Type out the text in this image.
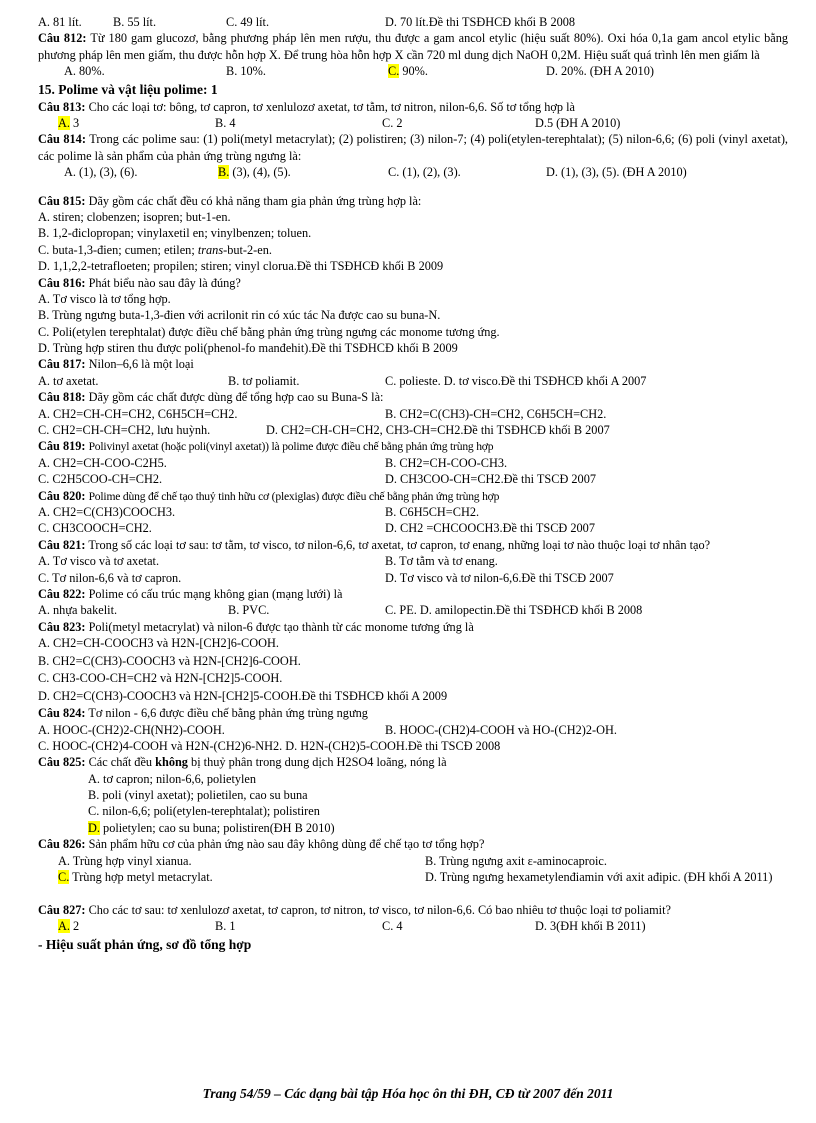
A. 81 lít.	B. 55 lít.	C. 49 lít.	D. 70 lít.Đề thi TSĐHCĐ khối B 2008
Câu 812: Từ 180 gam glucozơ, bằng phương pháp lên men rượu, thu được a gam ancol etylic (hiệu suất 80%). Oxi hóa 0,1a gam ancol etylic bằng phương pháp lên men giấm, thu được hỗn hợp X. Để trung hòa hỗn hợp X cần 720 ml dung dịch NaOH 0,2M. Hiệu suất quá trình lên men giấm là
A. 80%.	B. 10%.	C. 90%.	D. 20%. (ĐH A 2010)
15. Polime và vật liệu polime: 1
Câu 813: Cho các loại tơ: bông, tơ capron, tơ xenlulozơ axetat, tơ tằm, tơ nitron, nilon-6,6. Số tơ tổng hợp là
A. 3	B. 4	C. 2	D.5 (ĐH A 2010)
Câu 814: Trong các polime sau: (1) poli(metyl metacrylat); (2) polistiren; (3) nilon-7; (4) poli(etylen-terephtalat); (5) nilon-6,6; (6) poli (vinyl axetat), các polime là sản phẩm của phản ứng trùng ngưng là:
A. (1), (3), (6).	B. (3), (4), (5).	C. (1), (2), (3).	D. (1), (3), (5). (ĐH A 2010)
Câu 815: Dãy gồm các chất đều có khả năng tham gia phản ứng trùng hợp là:
A. stiren; clobenzen; isopren; but-1-en.
B. 1,2-điclopropan; vinylaxetil en; vinylbenzen; toluen.
C. buta-1,3-đien; cumen; etilen; trans-but-2-en.
D. 1,1,2,2-tetrafloeten; propilen; stiren; vinyl clorua.Đề thi TSĐHCĐ khối B 2009
Câu 816: Phát biểu nào sau đây là đúng?
A. Tơ visco là tơ tổng hợp.
B. Trùng ngưng buta-1,3-đien với acrilonit rin có xúc tác Na được cao su buna-N.
C. Poli(etylen terephtalat) được điều chế bằng phản ứng trùng ngưng các monome tương ứng.
D. Trùng hợp stiren thu được poli(phenol-fo manđehit).Đề thi TSĐHCĐ khối B 2009
Câu 817: Nilon–6,6 là một loại
A. tơ axetat.	B. tơ poliamit.	C. polieste. D. tơ visco.Đề thi TSĐHCĐ khối A 2007
Câu 818: Dãy gồm các chất được dùng để tổng hợp cao su Buna-S là:
A. CH2=CH-CH=CH2, C6H5CH=CH2.	B. CH2=C(CH3)-CH=CH2, C6H5CH=CH2.
C. CH2=CH-CH=CH2, lưu huỳnh.	D. CH2=CH-CH=CH2, CH3-CH=CH2.Đề thi TSĐHCĐ khối B 2007
Câu 819: Polivinyl axetat (hoặc poli(vinyl axetat)) là polime được điều chế bằng phản ứng trùng hợp
A. CH2=CH-COO-C2H5.	B. CH2=CH-COO-CH3.
C. C2H5COO-CH=CH2.	D. CH3COO-CH=CH2.Đề thi TSCĐ 2007
Câu 820: Polime dùng để chế tạo thuỷ tinh hữu cơ (plexiglas) được điều chế bằng phản ứng trùng hợp
A. CH2=C(CH3)COOCH3.	B. C6H5CH=CH2.
C. CH3COOCH=CH2.	D. CH2 =CHCOOCH3.Đề thi TSCĐ 2007
Câu 821: Trong số các loại tơ sau: tơ tằm, tơ visco, tơ nilon-6,6, tơ axetat, tơ capron, tơ enang, những loại tơ nào thuộc loại tơ nhân tạo?
A. Tơ visco và tơ axetat.	B. Tơ tằm và tơ enang.
C. Tơ nilon-6,6 và tơ capron.	D. Tơ visco và tơ nilon-6,6.Đề thi TSCĐ 2007
Câu 822: Polime có cấu trúc mạng không gian (mạng lưới) là
A. nhựa bakelit.	B. PVC.	C. PE. D. amilopectin.Đề thi TSĐHCĐ khối B 2008
Câu 823: Poli(metyl metacrylat) và nilon-6 được tạo thành từ các monome tương ứng là
A. CH2=CH-COOCH3 và H2N-[CH2]6-COOH.
B. CH2=C(CH3)-COOCH3 và H2N-[CH2]6-COOH.
C. CH3-COO-CH=CH2 và H2N-[CH2]5-COOH.
D. CH2=C(CH3)-COOCH3 và H2N-[CH2]5-COOH.Đề thi TSĐHCĐ khối A 2009
Câu 824: Tơ nilon - 6,6 được điều chế bằng phản ứng trùng ngưng
A. HOOC-(CH2)2-CH(NH2)-COOH.	B. HOOC-(CH2)4-COOH và HO-(CH2)2-OH.
C. HOOC-(CH2)4-COOH và H2N-(CH2)6-NH2. D. H2N-(CH2)5-COOH.Đề thi TSCĐ 2008
Câu 825: Các chất đều không bị thuỷ phân trong dung dịch H2SO4 loãng, nóng là
A. tơ capron; nilon-6,6, polietylen
B. poli (vinyl axetat); polietilen, cao su buna
C. nilon-6,6; poli(etylen-terephtalat); polistiren
D. polietylen; cao su buna; polistiren(ĐH B 2010)
Câu 826: Sản phẩm hữu cơ của phản ứng nào sau đây không dùng để chế tạo tơ tổng hợp?
A. Trùng hợp vinyl xianua.	B. Trùng ngưng axit ε-aminocaproic.
C. Trùng hợp metyl metacrylat.	D. Trùng ngưng hexametylenđiamin với axit ađipic. (ĐH khối A 2011)
Câu 827: Cho các tơ sau: tơ xenlulozơ axetat, tơ capron, tơ nitron, tơ visco, tơ nilon-6,6. Có bao nhiêu tơ thuộc loại tơ poliamit?
A. 2	B. 1	C. 4	D. 3(ĐH khối B 2011)
- Hiệu suất phản ứng, sơ đồ tổng hợp
Trang 54/59 – Các dạng bài tập Hóa học ôn thi ĐH, CĐ từ 2007 đến 2011
